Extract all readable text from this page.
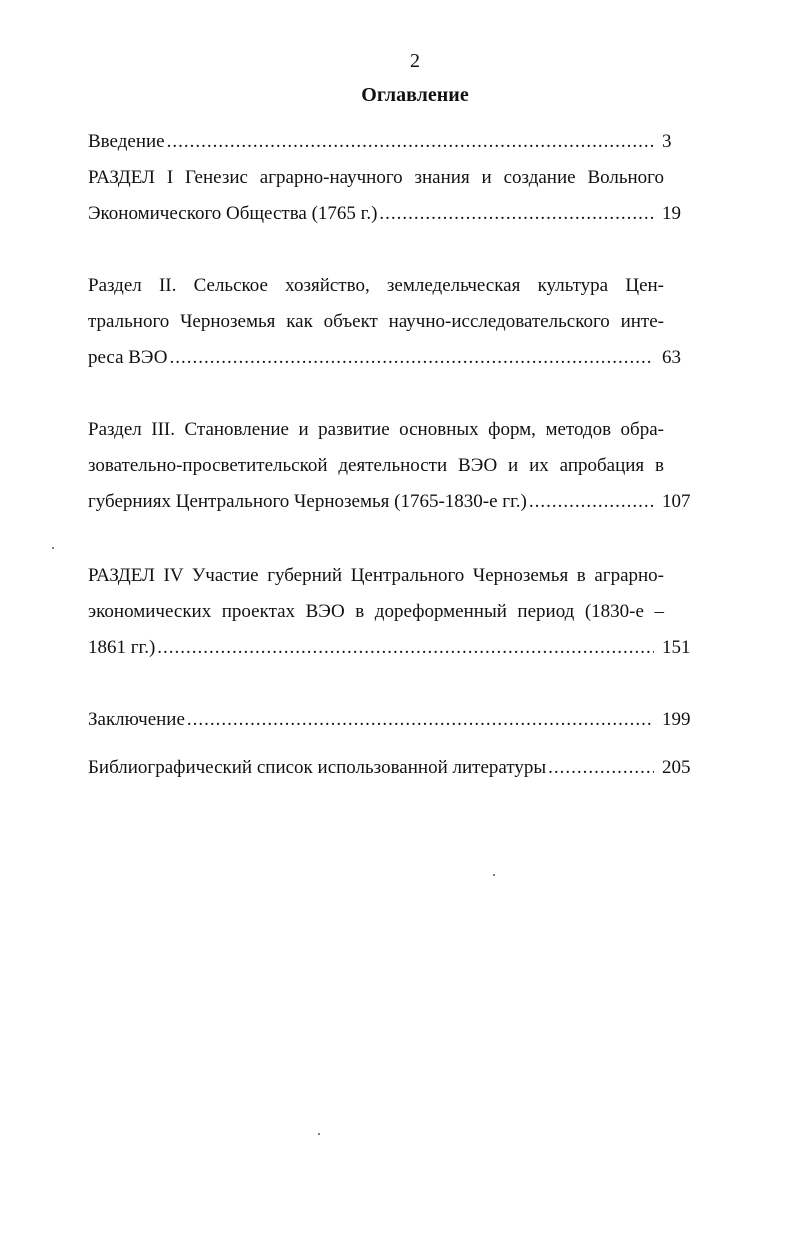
2
Оглавление
Введение .....	3
РАЗДЕЛ I Генезис аграрно-научного знания и создание Вольного
Экономического Общества (1765 г.) .....	19
Раздел II. Сельское хозяйство, земледельческая культура Цен-
трального Черноземья как объект научно-исследовательского инте-
реса ВЭО .....	63
Раздел III. Становление и развитие основных форм, методов обра-
зовательно-просветительской деятельности ВЭО и их апробация в
губерниях Центрального Черноземья (1765-1830-е гг.) .....	107
РАЗДЕЛ IV Участие губерний Центрального Черноземья в аграрно-
экономических проектах ВЭО в дореформенный период (1830-е –
1861 гг.) .....	151
Заключение .....	199
Библиографический список использованной литературы .....	205
